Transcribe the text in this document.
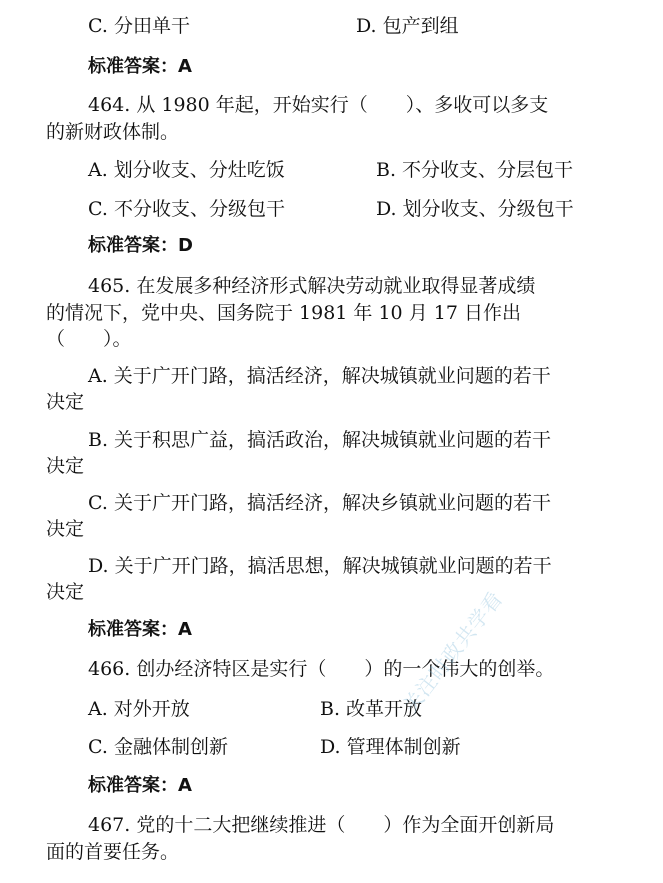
C. 分田单干	D. 包产到组
标准答案：A
464. 从 1980 年起，开始实行（　　）、多收可以多支
的新财政体制。
A. 划分收支、分灶吃饭	B. 不分收支、分层包干
C. 不分收支、分级包干	D. 划分收支、分级包干
标准答案：D
465. 在发展多种经济形式解决劳动就业取得显著成绩
的情况下，党中央、国务院于 1981 年 10 月 17 日作出
（　　）。
A. 关于广开门路，搞活经济，解决城镇就业问题的若干
决定
B. 关于积思广益，搞活政治，解决城镇就业问题的若干
决定
C. 关于广开门路，搞活经济，解决乡镇就业问题的若干
决定
D. 关于广开门路，搞活思想，解决城镇就业问题的若干
决定
标准答案：A
466. 创办经济特区是实行（　　）的一个伟大的创举。
A. 对外开放	B. 改革开放
C. 金融体制创新	D. 管理体制创新
标准答案：A
467. 党的十二大把继续推进（　　）作为全面开创新局
面的首要任务。
关注时政共学看
